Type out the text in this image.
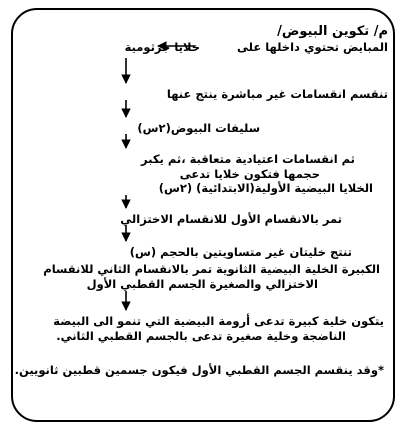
م/ تكوين البيوض/
المبايض تحتوي داخلها على
خلايا جرثومية
تنقسم انقسامات غير مباشرة ينتج عنها
سليفات البيوض(٢س)
ثم انقسامات اعتيادية متعاقبة ،ثم يكبر
حجمها فتكون خلايا تدعى
الخلايا البيضية الأولية(الابتدائية) (٢س)
تمر بالانقسام الأول للانقسام الاختزالي
تنتج خليتان غير متساويتين بالحجم (س)
الكبيرة الخلية البيضية الثانوية تمر بالانقسام الثاني للانقسام
الاختزالي والصغيرة الجسم القطبي الأول
يتكون خلية كبيرة تدعى أرومة البيضية التي تنمو الى البيضة
الناضجة وخلية صغيرة تدعى بالجسم القطبي الثاني.
*وقد ينقسم الجسم القطبي الأول فيكون جسمين قطبين ثانويين.
